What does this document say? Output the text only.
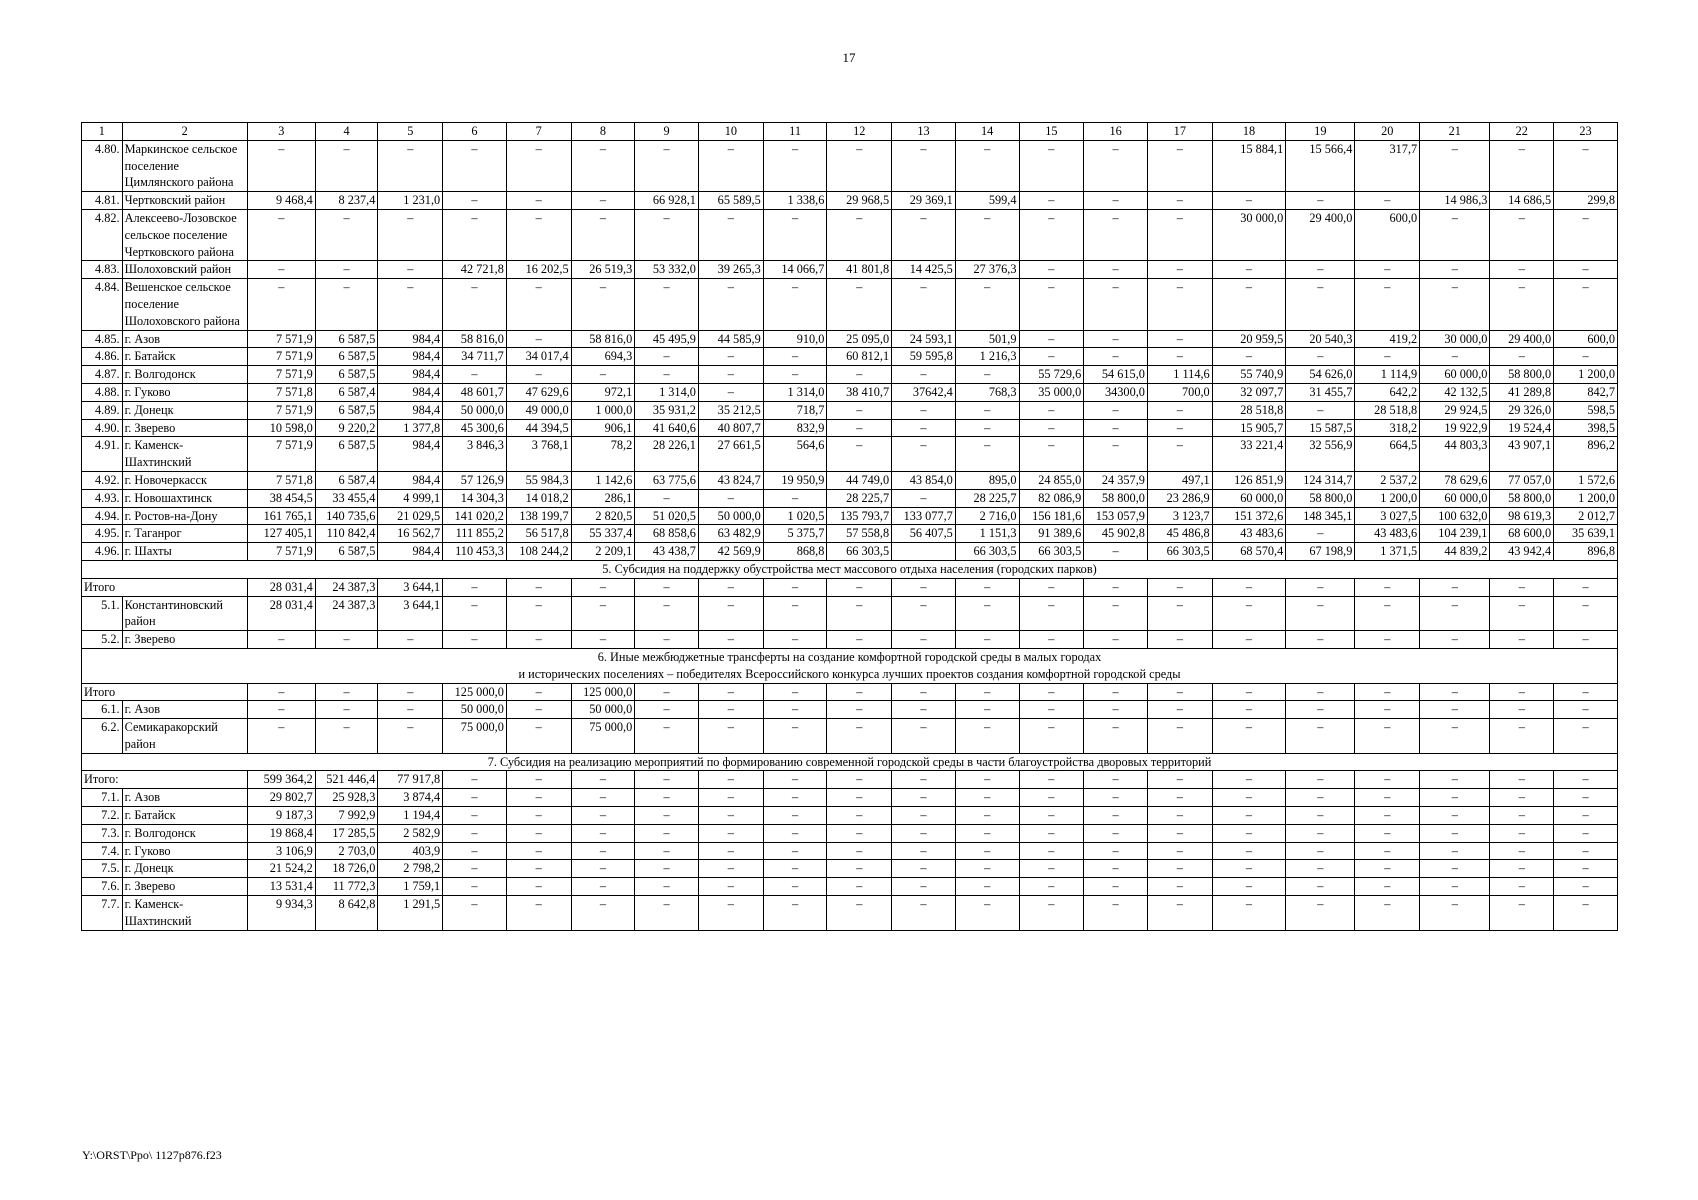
17
1	2	3	4	5	6	7	8	9	10	11	12	13	14	15	16	17	18	19	20	21	22	23
4.80.	Маркинское сельское поселение Цимлянского района	–	–	–	–	–	–	–	–	–	–	–	–	–	–	–	15 884,1	15 566,4	317,7	–	–	–
4.81.	Чертковский район	9 468,4	8 237,4	1 231,0	–	–	–	66 928,1	65 589,5	1 338,6	29 968,5	29 369,1	599,4	–	–	–	–	–	–	14 986,3	14 686,5	299,8
4.82.	Алексеево-Лозовское сельское поселение Чертковского района	–	–	–	–	–	–	–	–	–	–	–	–	–	–	–	30 000,0	29 400,0	600,0	–	–	–
4.83.	Шолоховский район	–	–	–	42 721,8	16 202,5	26 519,3	53 332,0	39 265,3	14 066,7	41 801,8	14 425,5	27 376,3	–	–	–	–	–	–	–	–	–
4.84.	Вешенское сельское поселение Шолоховского района	–	–	–	–	–	–	–	–	–	–	–	–	–	–	–	–	–	–	–	–	–
4.85.	г. Азов	7 571,9	6 587,5	984,4	58 816,0	–	58 816,0	45 495,9	44 585,9	910,0	25 095,0	24 593,1	501,9	–	–	–	20 959,5	20 540,3	419,2	30 000,0	29 400,0	600,0
4.86.	г. Батайск	7 571,9	6 587,5	984,4	34 711,7	34 017,4	694,3	–	–	–	60 812,1	59 595,8	1 216,3	–	–	–	–	–	–	–	–	–
4.87.	г. Волгодонск	7 571,9	6 587,5	984,4	–	–	–	–	–	–	–	–	–	55 729,6	54 615,0	1 114,6	55 740,9	54 626,0	1 114,9	60 000,0	58 800,0	1 200,0
4.88.	г. Гуково	7 571,8	6 587,4	984,4	48 601,7	47 629,6	972,1	1 314,0	–	1 314,0	38 410,7	37642,4	768,3	35 000,0	34300,0	700,0	32 097,7	31 455,7	642,2	42 132,5	41 289,8	842,7
4.89.	г. Донецк	7 571,9	6 587,5	984,4	50 000,0	49 000,0	1 000,0	35 931,2	35 212,5	718,7	–	–	–	–	–	–	28 518,8	–	28 518,8	29 924,5	29 326,0	598,5
4.90.	г. Зверево	10 598,0	9 220,2	1 377,8	45 300,6	44 394,5	906,1	41 640,6	40 807,7	832,9	–	–	–	–	–	–	15 905,7	15 587,5	318,2	19 922,9	19 524,4	398,5
4.91.	г. Каменск-Шахтинский	7 571,9	6 587,5	984,4	3 846,3	3 768,1	78,2	28 226,1	27 661,5	564,6	–	–	–	–	–	–	33 221,4	32 556,9	664,5	44 803,3	43 907,1	896,2
4.92.	г. Новочеркасск	7 571,8	6 587,4	984,4	57 126,9	55 984,3	1 142,6	63 775,6	43 824,7	19 950,9	44 749,0	43 854,0	895,0	24 855,0	24 357,9	497,1	126 851,9	124 314,7	2 537,2	78 629,6	77 057,0	1 572,6
4.93.	г. Новошахтинск	38 454,5	33 455,4	4 999,1	14 304,3	14 018,2	286,1	–	–	–	28 225,7	–	28 225,7	82 086,9	58 800,0	23 286,9	60 000,0	58 800,0	1 200,0	60 000,0	58 800,0	1 200,0
4.94.	г. Ростов-на-Дону	161 765,1	140 735,6	21 029,5	141 020,2	138 199,7	2 820,5	51 020,5	50 000,0	1 020,5	135 793,7	133 077,7	2 716,0	156 181,6	153 057,9	3 123,7	151 372,6	148 345,1	3 027,5	100 632,0	98 619,3	2 012,7
4.95.	г. Таганрог	127 405,1	110 842,4	16 562,7	111 855,2	56 517,8	55 337,4	68 858,6	63 482,9	5 375,7	57 558,8	56 407,5	1 151,3	91 389,6	45 902,8	45 486,8	43 483,6	–	43 483,6	104 239,1	68 600,0	35 639,1
4.96.	г. Шахты	7 571,9	6 587,5	984,4	110 453,3	108 244,2	2 209,1	43 438,7	42 569,9	868,8	66 303,5		66 303,5	66 303,5	–	66 303,5	68 570,4	67 198,9	1 371,5	44 839,2	43 942,4	896,8

5. Субсидия на поддержку обустройства мест массового отдыха населения (городских парков)																						

Итого		28 031,4	24 387,3	3 644,1	–	–	–	–	–	–	–	–	–	–	–	–	–	–	–	–	–	–
5.1.	Константиновский район	28 031,4	24 387,3	3 644,1	–	–	–	–	–	–	–	–	–	–	–	–	–	–	–	–	–	–
5.2.	г. Зверево	–	–	–	–	–	–	–	–	–	–	–	–	–	–	–	–	–	–	–	–	–

6. Иные межбюджетные трансферты на создание комфортной городской среды в малых городах
и исторических поселениях – победителях Всероссийского конкурса лучших проектов создания комфортной городской среды																						

Итого		–	–	–	125 000,0	–	125 000,0	–	–	–	–	–	–	–	–	–	–	–	–	–	–	–
6.1.	г. Азов	–	–	–	50 000,0	–	50 000,0	–	–	–	–	–	–	–	–	–	–	–	–	–	–	–
6.2.	Семикаракорский район	–	–	–	75 000,0	–	75 000,0	–	–	–	–	–	–	–	–	–	–	–	–	–	–	–

7. Субсидия на реализацию мероприятий по формированию современной городской среды в части благоустройства дворовых территорий																						

Итого:		599 364,2	521 446,4	77 917,8	–	–	–	–	–	–	–	–	–	–	–	–	–	–	–	–	–	–
7.1.	г. Азов	29 802,7	25 928,3	3 874,4	–	–	–	–	–	–	–	–	–	–	–	–	–	–	–	–	–	–
7.2.	г. Батайск	9 187,3	7 992,9	1 194,4	–	–	–	–	–	–	–	–	–	–	–	–	–	–	–	–	–	–
7.3.	г. Волгодонск	19 868,4	17 285,5	2 582,9	–	–	–	–	–	–	–	–	–	–	–	–	–	–	–	–	–	–
7.4.	г. Гуково	3 106,9	2 703,0	403,9	–	–	–	–	–	–	–	–	–	–	–	–	–	–	–	–	–	–
7.5.	г. Донецк	21 524,2	18 726,0	2 798,2	–	–	–	–	–	–	–	–	–	–	–	–	–	–	–	–	–	–
7.6.	г. Зверево	13 531,4	11 772,3	1 759,1	–	–	–	–	–	–	–	–	–	–	–	–	–	–	–	–	–	–
7.7.	г. Каменск-Шахтинский	9 934,3	8 642,8	1 291,5	–	–	–	–	–	–	–	–	–	–	–	–	–	–	–	–	–	–
Y:\ORST\Ppo\ 1127p876.f23
